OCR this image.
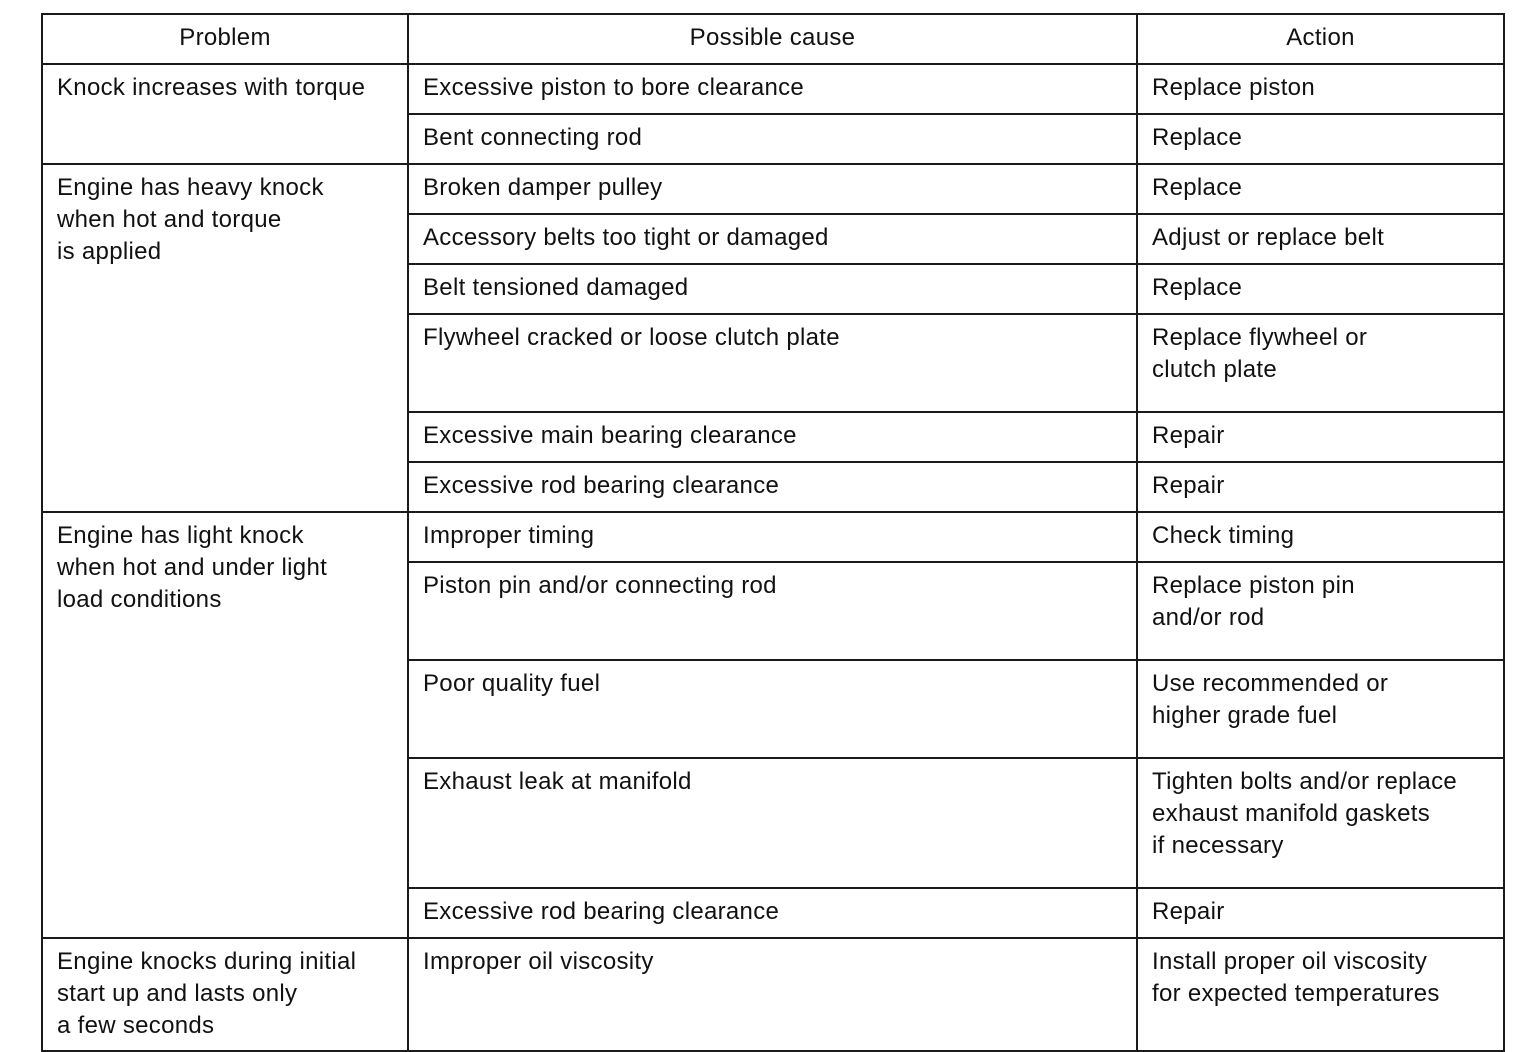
Problem	Possible cause	Action

Knock increases with torque	Excessive piston to bore clearance	Replace piston

	Bent connecting rod	Replace

Engine has heavy knock
when hot and torque
is applied	Broken damper pulley	Replace

	Accessory belts too tight or damaged	Adjust or replace belt

	Belt tensioned damaged	Replace

	Flywheel cracked or loose clutch plate	Replace flywheel or
clutch plate

	Excessive main bearing clearance	Repair

	Excessive rod bearing clearance	Repair

Engine has light knock
when hot and under light
load conditions	Improper timing	Check timing

	Piston pin and/or connecting rod	Replace piston pin
and/or rod

	Poor quality fuel	Use recommended or
higher grade fuel

	Exhaust leak at manifold	Tighten bolts and/or replace
exhaust manifold gaskets
if necessary

	Excessive rod bearing clearance	Repair

Engine knocks during initial
start up and lasts only
a few seconds	Improper oil viscosity	Install proper oil viscosity
for expected temperatures
